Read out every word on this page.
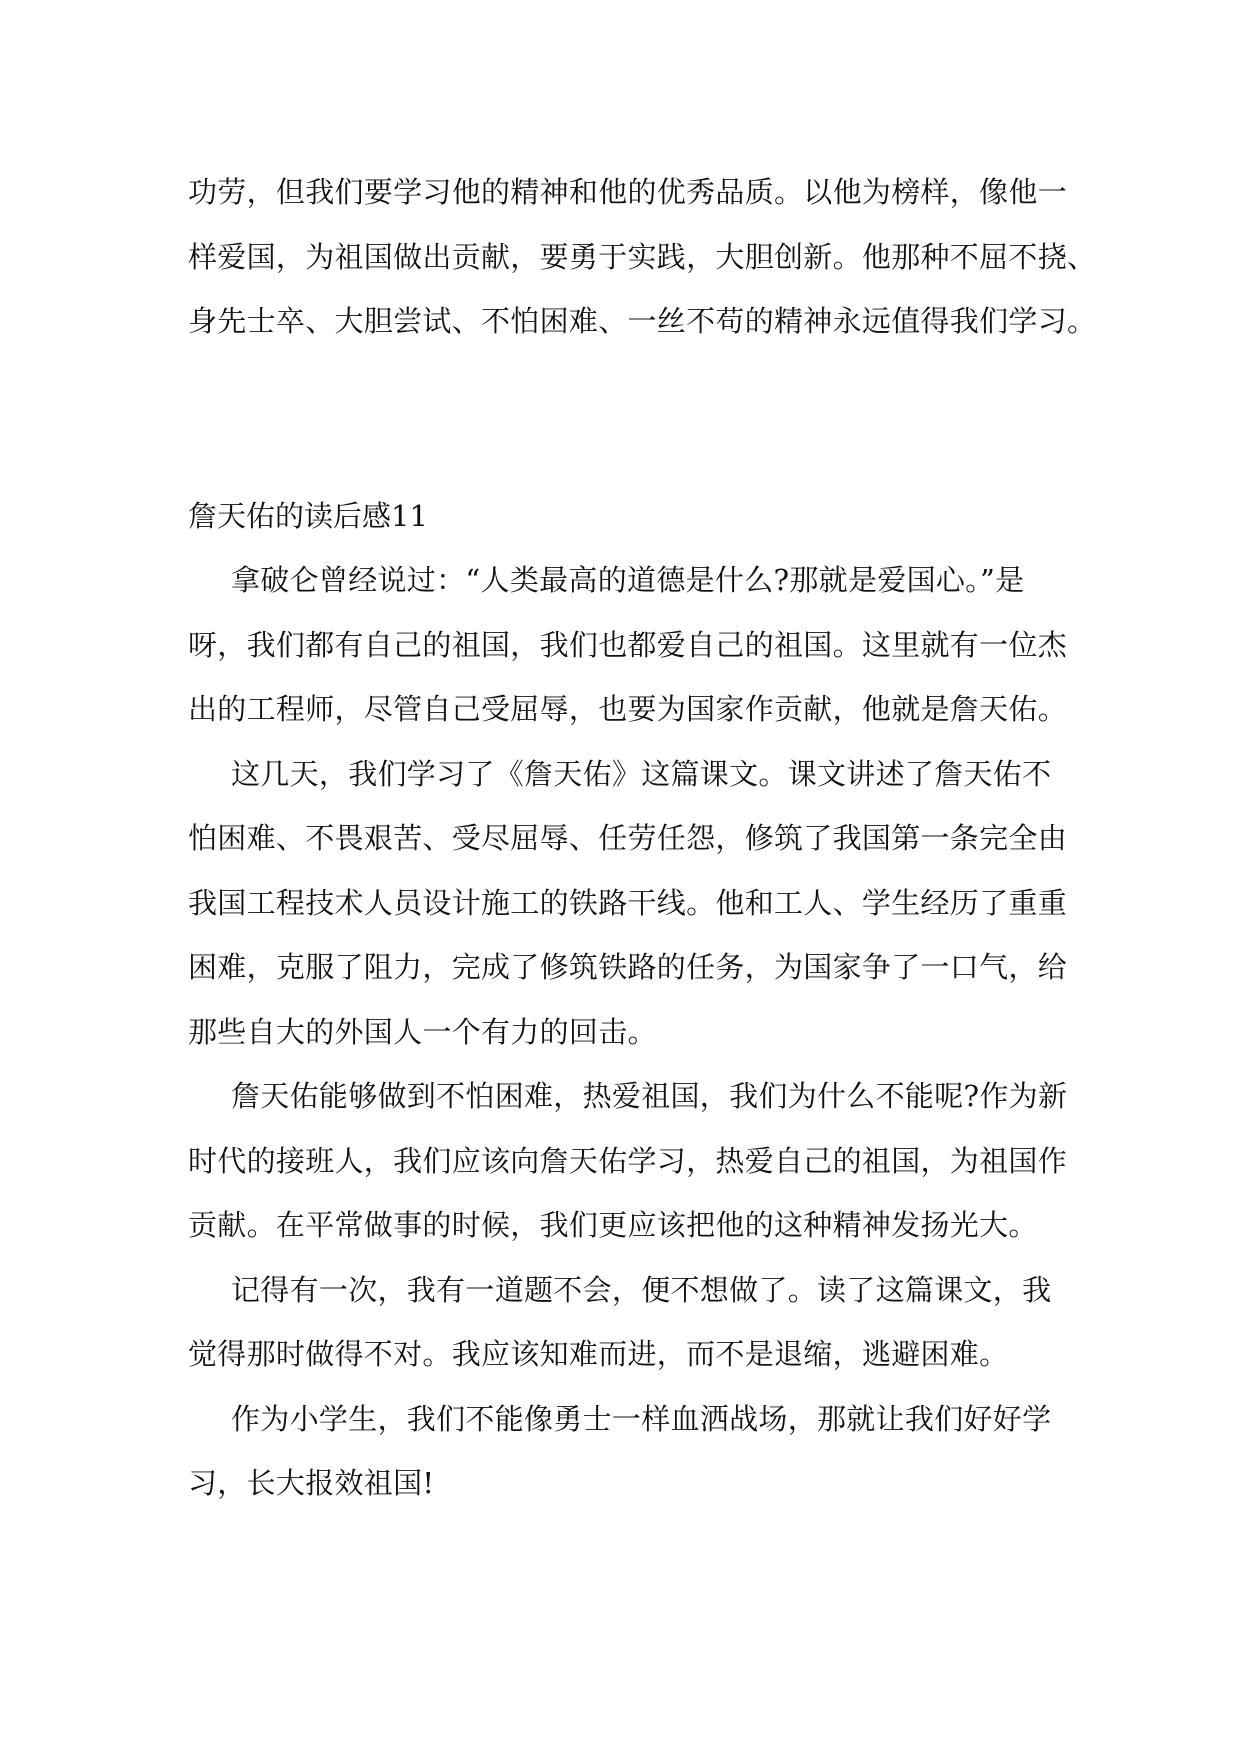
功劳，但我们要学习他的精神和他的优秀品质。以他为榜样，像他一
样爱国，为祖国做出贡献，要勇于实践，大胆创新。他那种不屈不挠、
身先士卒、大胆尝试、不怕困难、一丝不苟的精神永远值得我们学习。
詹天佑的读后感11
拿破仑曾经说过：“人类最高的道德是什么?那就是爱国心。”是
呀，我们都有自己的祖国，我们也都爱自己的祖国。这里就有一位杰
出的工程师，尽管自己受屈辱，也要为国家作贡献，他就是詹天佑。
这几天，我们学习了《詹天佑》这篇课文。课文讲述了詹天佑不
怕困难、不畏艰苦、受尽屈辱、任劳任怨，修筑了我国第一条完全由
我国工程技术人员设计施工的铁路干线。他和工人、学生经历了重重
困难，克服了阻力，完成了修筑铁路的任务，为国家争了一口气，给
那些自大的外国人一个有力的回击。
詹天佑能够做到不怕困难，热爱祖国，我们为什么不能呢?作为新
时代的接班人，我们应该向詹天佑学习，热爱自己的祖国，为祖国作
贡献。在平常做事的时候，我们更应该把他的这种精神发扬光大。
记得有一次，我有一道题不会，便不想做了。读了这篇课文，我
觉得那时做得不对。我应该知难而进，而不是退缩，逃避困难。
作为小学生，我们不能像勇士一样血洒战场，那就让我们好好学
习，长大报效祖国!
